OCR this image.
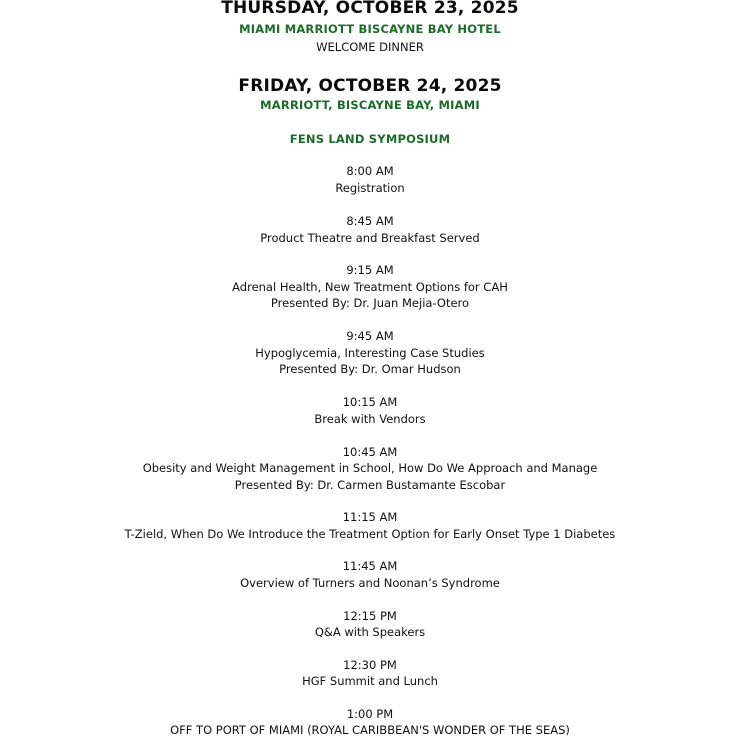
THURSDAY, OCTOBER 23, 2025
MIAMI MARRIOTT BISCAYNE BAY HOTEL
WELCOME DINNER
FRIDAY, OCTOBER 24, 2025
MARRIOTT, BISCAYNE BAY, MIAMI
FENS LAND SYMPOSIUM
8:00 AM
Registration
8:45 AM
Product Theatre and Breakfast Served
9:15 AM
Adrenal Health, New Treatment Options for CAH
Presented By: Dr. Juan Mejia-Otero
9:45 AM
Hypoglycemia, Interesting Case Studies
Presented By: Dr. Omar Hudson
10:15 AM
Break with Vendors
10:45 AM
Obesity and Weight Management in School, How Do We Approach and Manage
Presented By: Dr. Carmen Bustamante Escobar
11:15 AM
T-Zield, When Do We Introduce the Treatment Option for Early Onset Type 1 Diabetes
11:45 AM
Overview of Turners and Noonan’s Syndrome
12:15 PM
Q&A with Speakers
12:30 PM
HGF Summit and Lunch
1:00 PM
OFF TO PORT OF MIAMI (ROYAL CARIBBEAN'S WONDER OF THE SEAS)
